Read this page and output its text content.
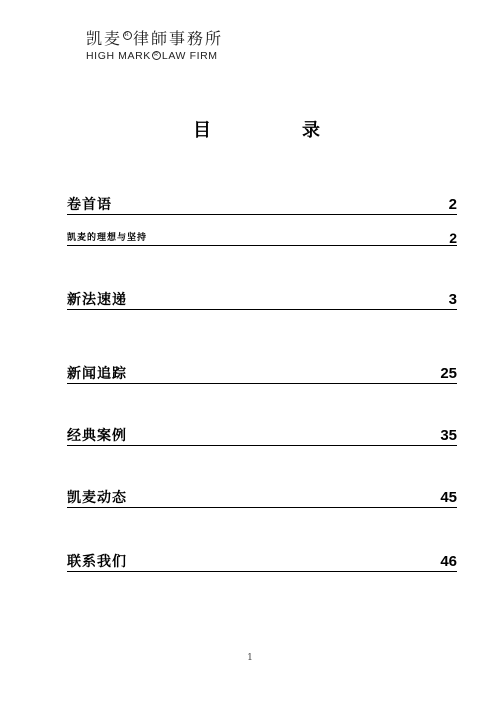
凯麦 R 律師事務所
HIGH MARK R LAW FIRM
目	录
卷首语	2
凯麦的理想与坚持	2
新法速递	3
新闻追踪	25
经典案例	35
凯麦动态	45
联系我们	46
1
